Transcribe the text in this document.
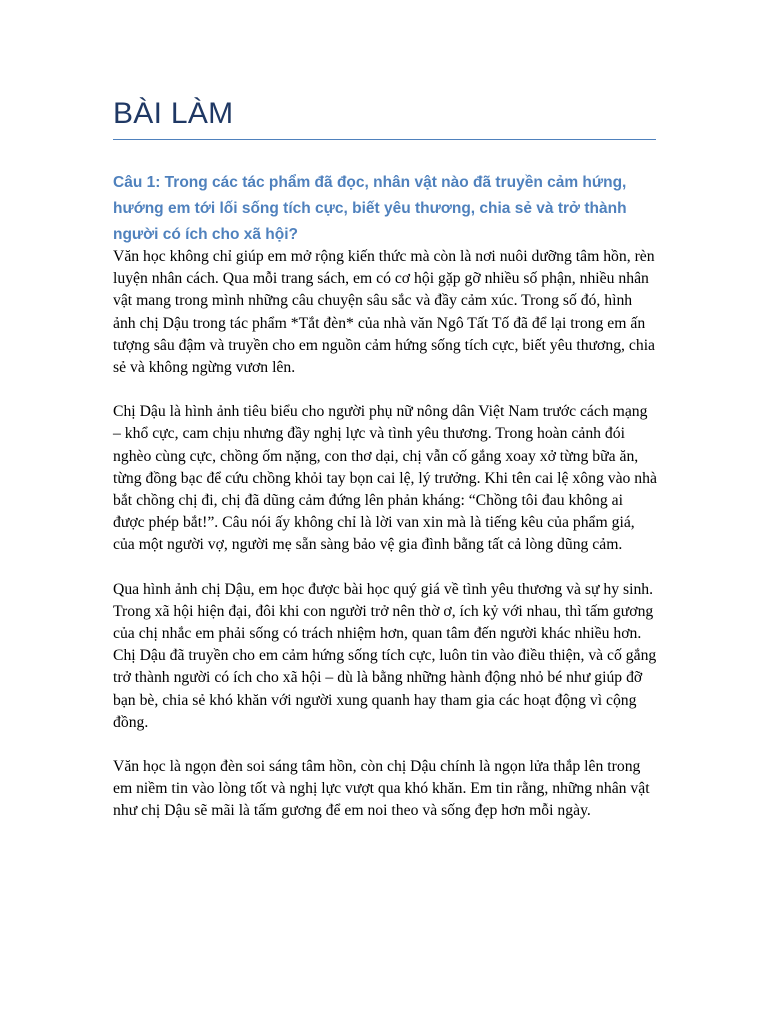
BÀI LÀM

Câu 1: Trong các tác phẩm đã đọc, nhân vật nào đã truyền cảm hứng, hướng em tới lối sống tích cực, biết yêu thương, chia sẻ và trở thành người có ích cho xã hội?

Văn học không chỉ giúp em mở rộng kiến thức mà còn là nơi nuôi dưỡng tâm hồn, rèn luyện nhân cách. Qua mỗi trang sách, em có cơ hội gặp gỡ nhiều số phận, nhiều nhân vật mang trong mình những câu chuyện sâu sắc và đầy cảm xúc. Trong số đó, hình ảnh chị Dậu trong tác phẩm *Tắt đèn* của nhà văn Ngô Tất Tố đã để lại trong em ấn tượng sâu đậm và truyền cho em nguồn cảm hứng sống tích cực, biết yêu thương, chia sẻ và không ngừng vươn lên.

Chị Dậu là hình ảnh tiêu biểu cho người phụ nữ nông dân Việt Nam trước cách mạng – khổ cực, cam chịu nhưng đầy nghị lực và tình yêu thương. Trong hoàn cảnh đói nghèo cùng cực, chồng ốm nặng, con thơ dại, chị vẫn cố gắng xoay xở từng bữa ăn, từng đồng bạc để cứu chồng khỏi tay bọn cai lệ, lý trưởng. Khi tên cai lệ xông vào nhà bắt chồng chị đi, chị đã dũng cảm đứng lên phản kháng: “Chồng tôi đau không ai được phép bắt!”. Câu nói ấy không chỉ là lời van xin mà là tiếng kêu của phẩm giá, của một người vợ, người mẹ sẵn sàng bảo vệ gia đình bằng tất cả lòng dũng cảm.

Qua hình ảnh chị Dậu, em học được bài học quý giá về tình yêu thương và sự hy sinh. Trong xã hội hiện đại, đôi khi con người trở nên thờ ơ, ích kỷ với nhau, thì tấm gương của chị nhắc em phải sống có trách nhiệm hơn, quan tâm đến người khác nhiều hơn. Chị Dậu đã truyền cho em cảm hứng sống tích cực, luôn tin vào điều thiện, và cố gắng trở thành người có ích cho xã hội – dù là bằng những hành động nhỏ bé như giúp đỡ bạn bè, chia sẻ khó khăn với người xung quanh hay tham gia các hoạt động vì cộng đồng.

Văn học là ngọn đèn soi sáng tâm hồn, còn chị Dậu chính là ngọn lửa thắp lên trong em niềm tin vào lòng tốt và nghị lực vượt qua khó khăn. Em tin rằng, những nhân vật như chị Dậu sẽ mãi là tấm gương để em noi theo và sống đẹp hơn mỗi ngày.
